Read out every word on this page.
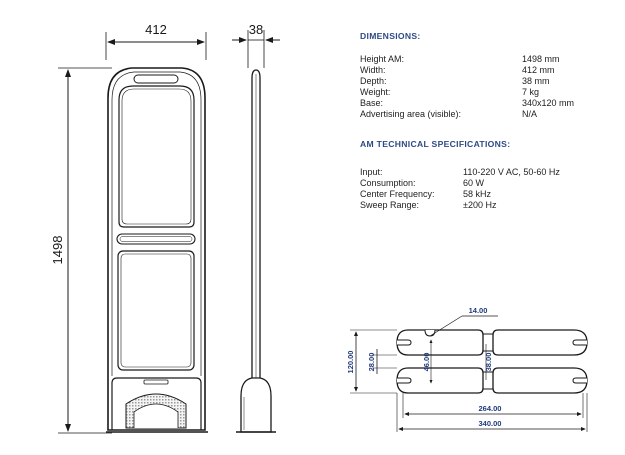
412
1498
38
14.00
120.00 28.00	46.00	38.00
264.00
340.00
DIMENSIONS:
Height AM:	1498 mm
Width:	412 mm
Depth:	38 mm
Weight:	7 kg
Base:	340x120 mm
Advertising area (visible):	N/A
AM TECHNICAL SPECIFICATIONS:
Input:	110-220 V AC, 50-60 Hz
Consumption:	60 W
Center Frequency:	58 kHz
Sweep Range:	±200 Hz
